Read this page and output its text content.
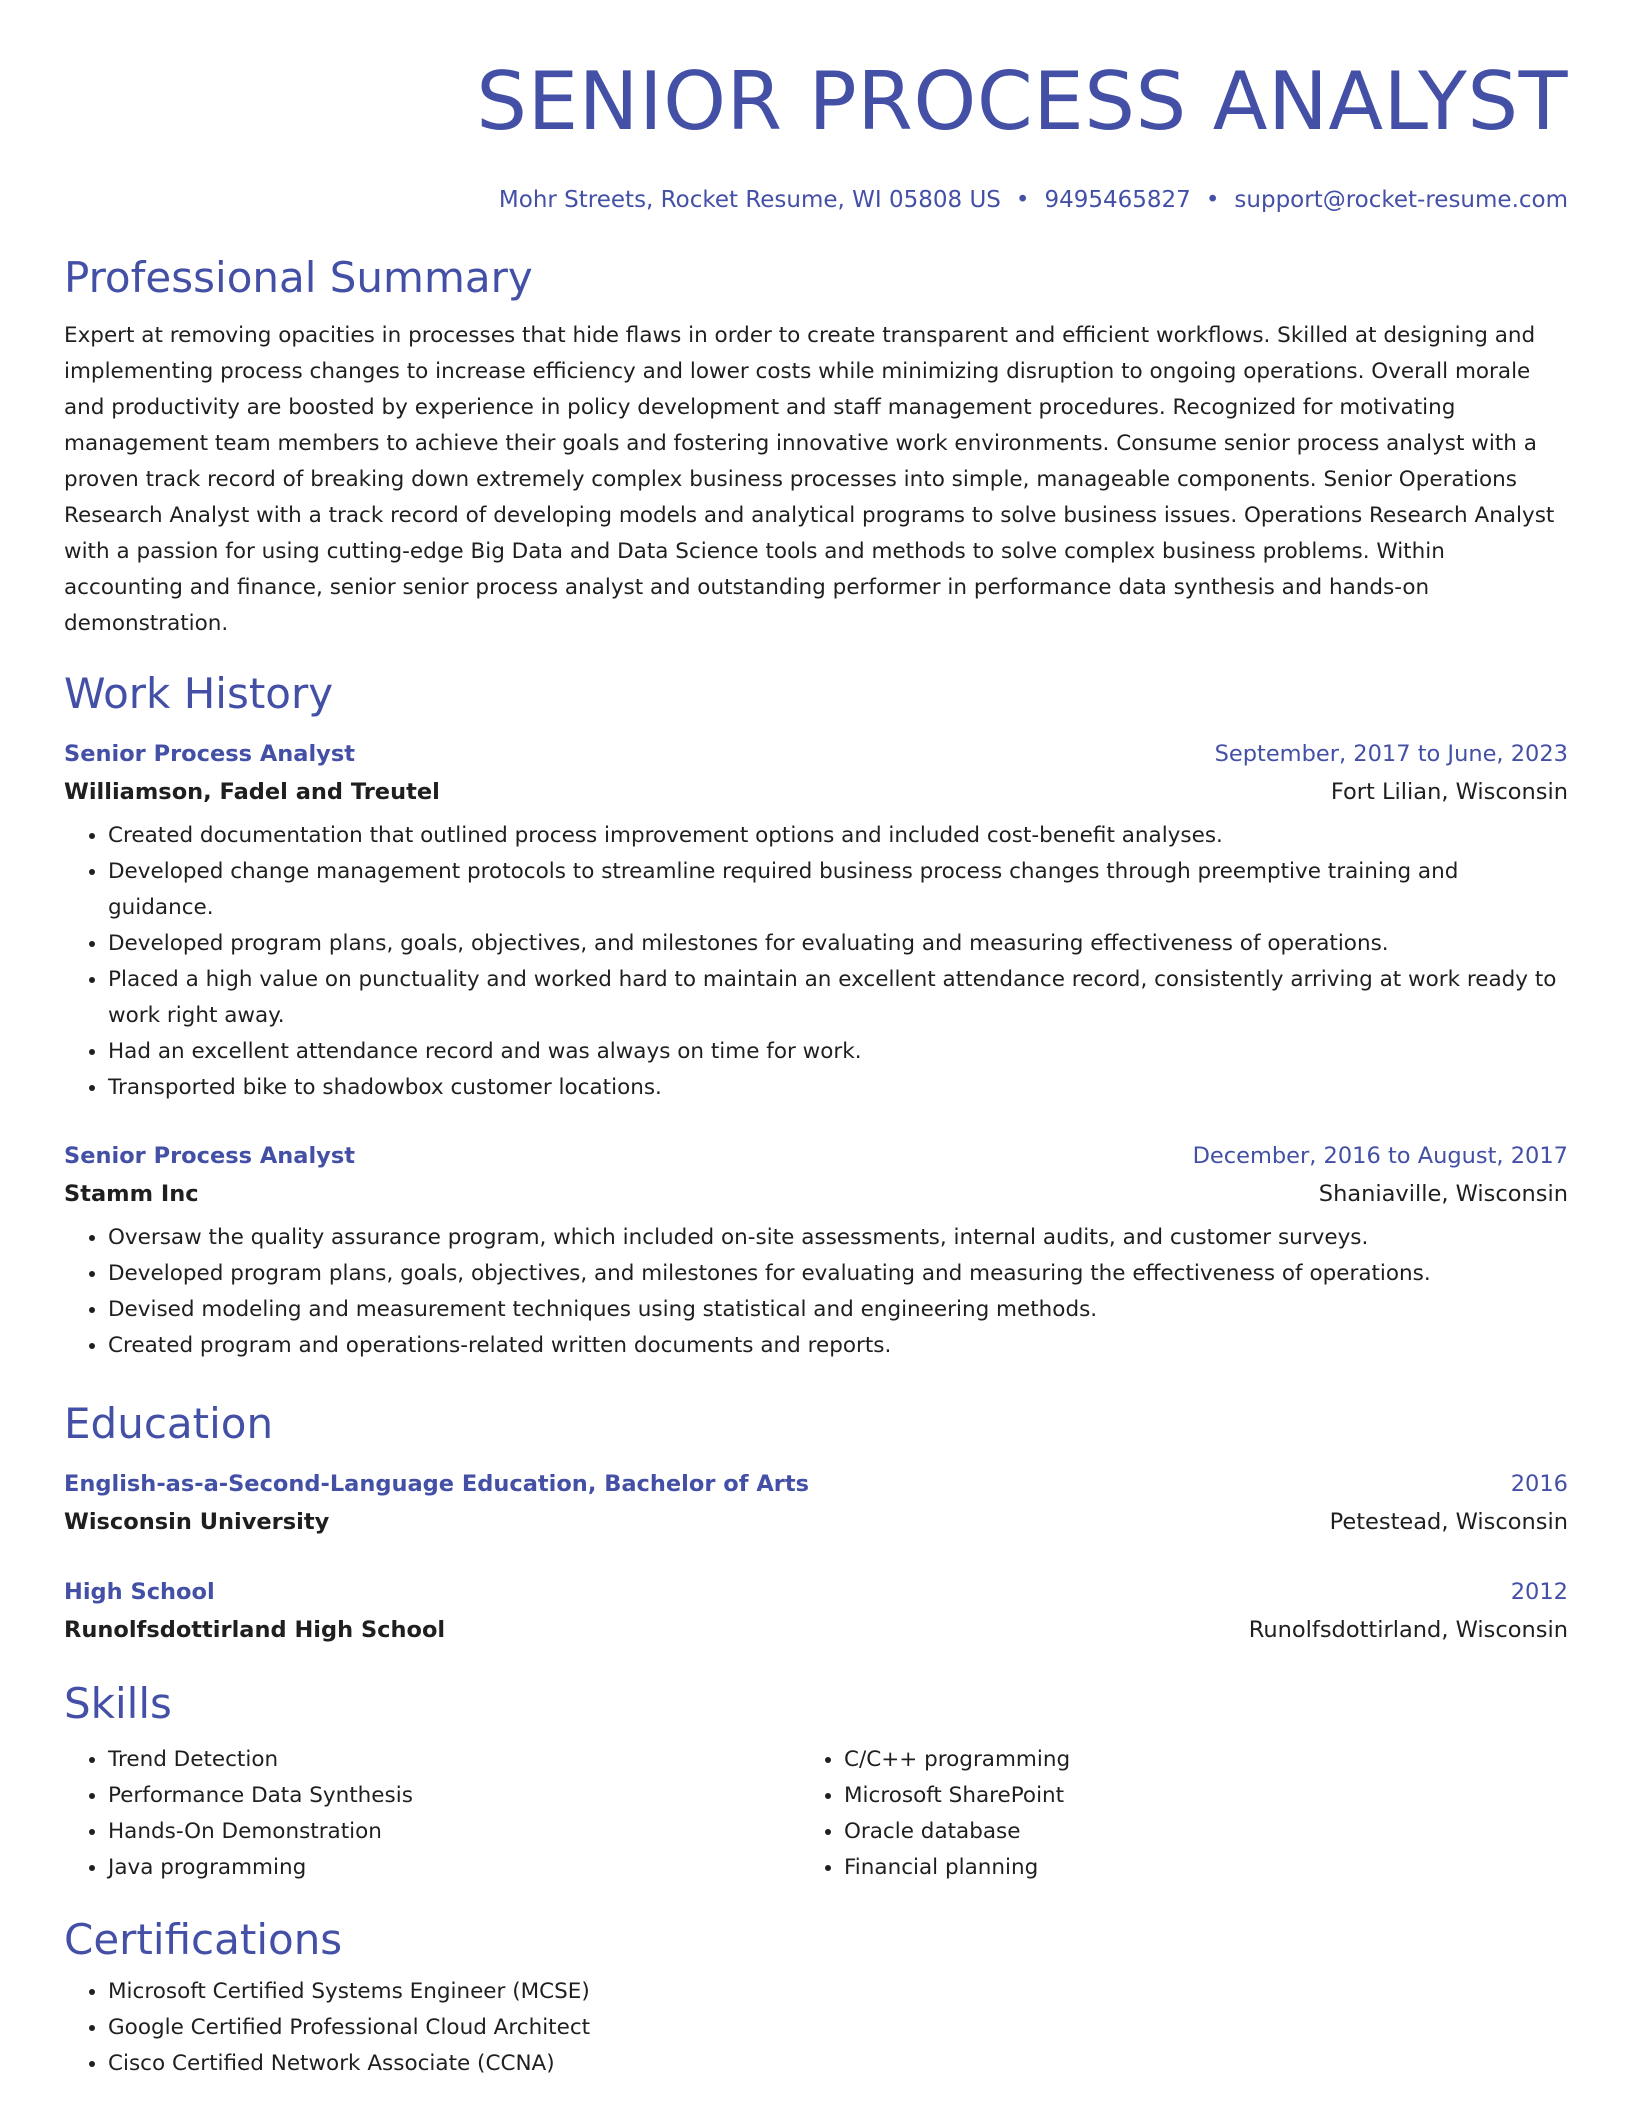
SENIOR PROCESS ANALYST
Mohr Streets, Rocket Resume, WI 05808 US • 9495465827 • support@rocket-resume.com
Professional Summary
Expert at removing opacities in processes that hide flaws in order to create transparent and efficient workflows. Skilled at designing and implementing process changes to increase efficiency and lower costs while minimizing disruption to ongoing operations. Overall morale and productivity are boosted by experience in policy development and staff management procedures. Recognized for motivating management team members to achieve their goals and fostering innovative work environments. Consume senior process analyst with a proven track record of breaking down extremely complex business processes into simple, manageable components. Senior Operations Research Analyst with a track record of developing models and analytical programs to solve business issues. Operations Research Analyst with a passion for using cutting-edge Big Data and Data Science tools and methods to solve complex business problems. Within accounting and finance, senior senior process analyst and outstanding performer in performance data synthesis and hands-on demonstration.
Work History
Senior Process Analyst	September, 2017 to June, 2023
Williamson, Fadel and Treutel	Fort Lilian, Wisconsin
• Created documentation that outlined process improvement options and included cost-benefit analyses.
• Developed change management protocols to streamline required business process changes through preemptive training and guidance.
• Developed program plans, goals, objectives, and milestones for evaluating and measuring effectiveness of operations.
• Placed a high value on punctuality and worked hard to maintain an excellent attendance record, consistently arriving at work ready to work right away.
• Had an excellent attendance record and was always on time for work.
• Transported bike to shadowbox customer locations.
Senior Process Analyst	December, 2016 to August, 2017
Stamm Inc	Shaniaville, Wisconsin
• Oversaw the quality assurance program, which included on-site assessments, internal audits, and customer surveys.
• Developed program plans, goals, objectives, and milestones for evaluating and measuring the effectiveness of operations.
• Devised modeling and measurement techniques using statistical and engineering methods.
• Created program and operations-related written documents and reports.
Education
English-as-a-Second-Language Education, Bachelor of Arts	2016
Wisconsin University	Petestead, Wisconsin
High School	2012
Runolfsdottirland High School	Runolfsdottirland, Wisconsin
Skills
• Trend Detection
• Performance Data Synthesis
• Hands-On Demonstration
• Java programming
• C/C++ programming
• Microsoft SharePoint
• Oracle database
• Financial planning
Certifications
• Microsoft Certified Systems Engineer (MCSE)
• Google Certified Professional Cloud Architect
• Cisco Certified Network Associate (CCNA)
